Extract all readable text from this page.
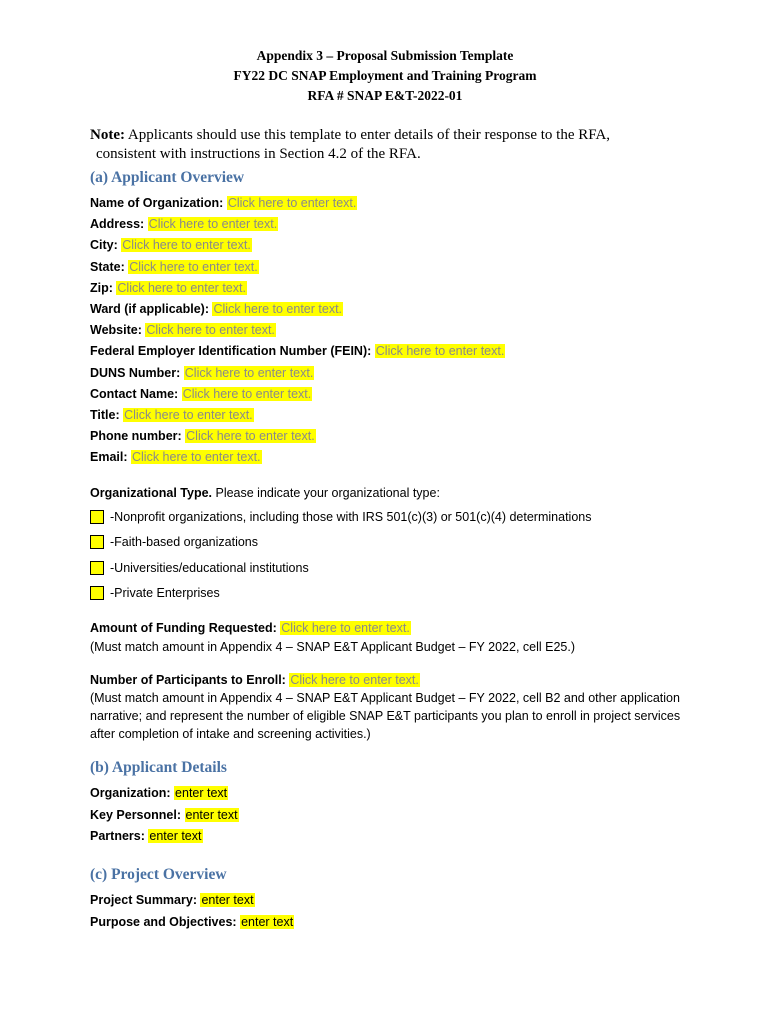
Appendix 3 – Proposal Submission Template
FY22 DC SNAP Employment and Training Program
RFA # SNAP E&T-2022-01
Note: Applicants should use this template to enter details of their response to the RFA,
consistent with instructions in Section 4.2 of the RFA.
(a) Applicant Overview
Name of Organization: Click here to enter text.
Address: Click here to enter text.
City: Click here to enter text.
State: Click here to enter text.
Zip: Click here to enter text.
Ward (if applicable): Click here to enter text.
Website: Click here to enter text.
Federal Employer Identification Number (FEIN): Click here to enter text.
DUNS Number: Click here to enter text.
Contact Name: Click here to enter text.
Title: Click here to enter text.
Phone number: Click here to enter text.
Email: Click here to enter text.
Organizational Type. Please indicate your organizational type:
-Nonprofit organizations, including those with IRS 501(c)(3) or 501(c)(4) determinations
-Faith-based organizations
-Universities/educational institutions
-Private Enterprises
Amount of Funding Requested: Click here to enter text.
(Must match amount in Appendix 4 – SNAP E&T Applicant Budget – FY 2022, cell E25.)
Number of Participants to Enroll: Click here to enter text.
(Must match amount in Appendix 4 – SNAP E&T Applicant Budget – FY 2022, cell B2 and other application narrative; and represent the number of eligible SNAP E&T participants you plan to enroll in project services after completion of intake and screening activities.)
(b) Applicant Details
Organization: enter text
Key Personnel: enter text
Partners: enter text
(c) Project Overview
Project Summary: enter text
Purpose and Objectives: enter text
